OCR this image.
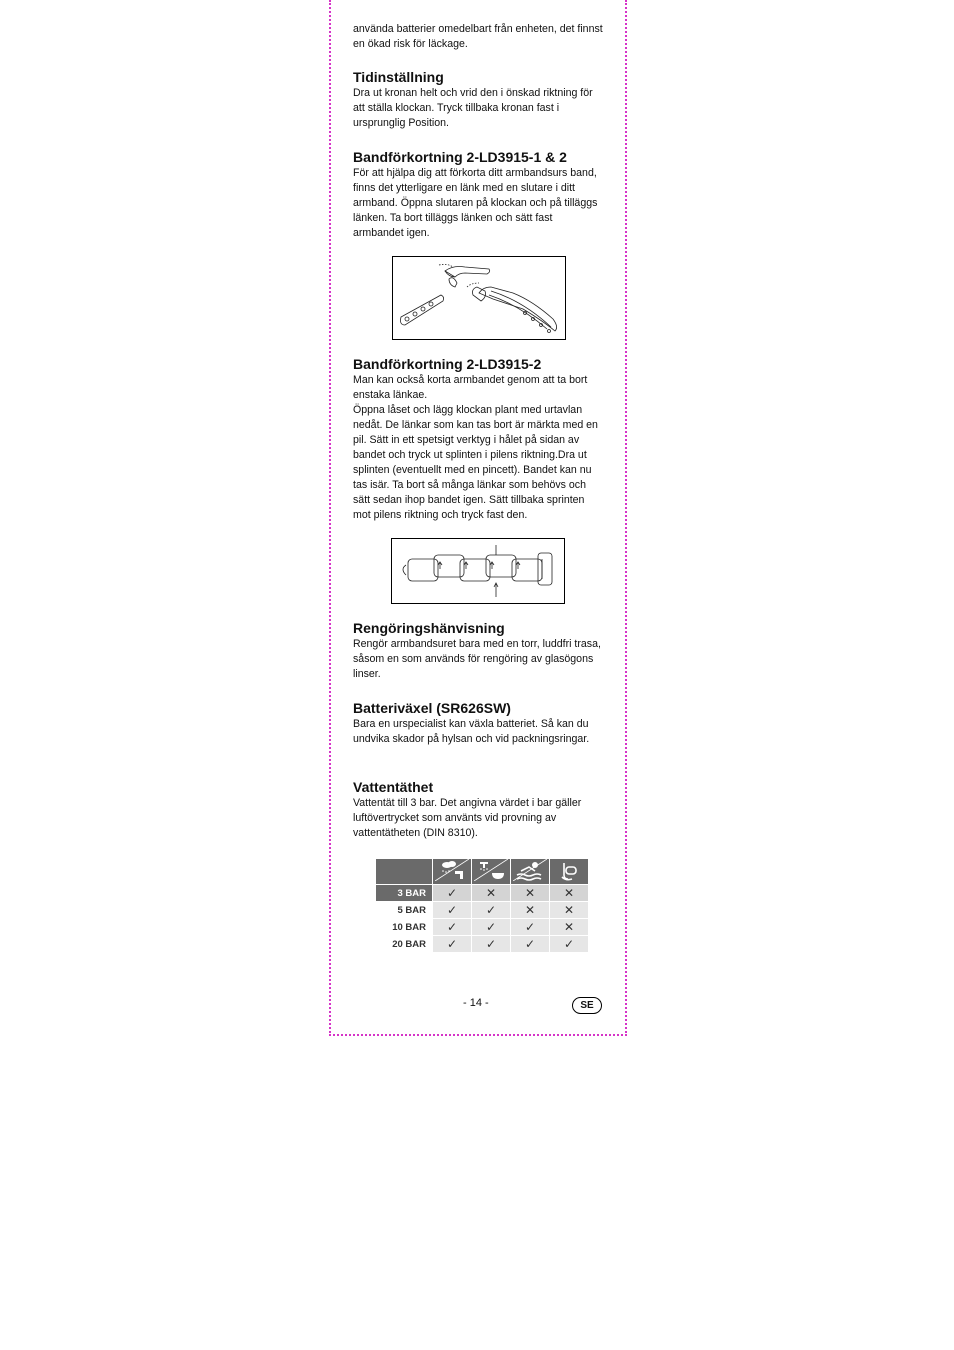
använda batterier omedelbart från enheten, det finnst en ökad risk för läckage.

Tidinställning

Dra ut kronan helt och vrid den i önskad riktning för att ställa klockan. Tryck tillbaka kronan fast i ursprunglig Position.

Bandförkortning 2-LD3915-1 & 2

För att hjälpa dig att förkorta ditt armbandsurs band, finns det ytterligare en länk med en slutare i ditt armband. Öppna slutaren på klockan och på tilläggs länken. Ta bort tilläggs länken och sätt fast armbandet igen.

Bandförkortning 2-LD3915-2

Man kan också korta armbandet genom att ta bort enstaka länkae.

Öppna låset och lägg klockan plant med urtavlan nedåt. De länkar som kan tas bort är märkta med en pil. Sätt in ett spetsigt verktyg i hålet på sidan av bandet och tryck ut splinten i pilens riktning.Dra ut splinten (eventuellt med en pincett). Bandet kan nu tas isär. Ta bort så många länkar som behövs och sätt sedan ihop bandet igen. Sätt tillbaka sprinten mot pilens riktning och tryck fast den.

Rengöringshänvisning

Rengör armbandsuret bara med en torr, luddfri trasa, såsom en som används för rengöring av glasögons linser.

Batteriväxel (SR626SW)

Bara en urspecialist kan växla batteriet. Så kan du undvika skador på hylsan och vid packningsringar.

Vattentäthet

Vattentät till 3 bar. Det angivna värdet i bar gäller luftövertrycket som använts vid provning av vattentätheten (DIN 8310).

3 BAR	✓	✕	✕	✕
5 BAR	✓	✓	✕	✕
10 BAR	✓	✓	✓	✕
20 BAR	✓	✓	✓	✓
- 14 -	SE
